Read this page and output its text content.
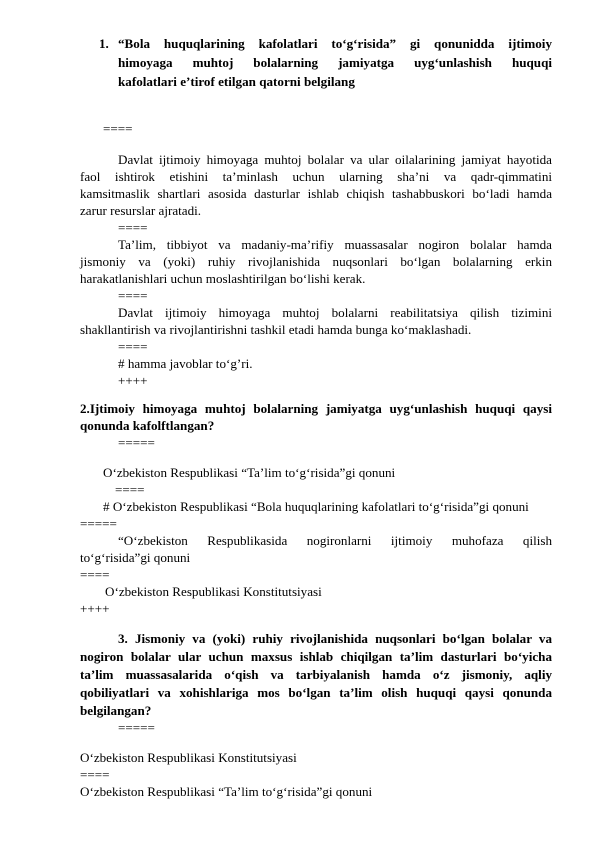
1. “Bola huquqlarining kafolatlari to‘g‘risida” gi qonunidda ijtimoiy
himoyaga muhtoj bolalarning jamiyatga uyg‘unlashish huquqi
kafolatlari e’tirof etilgan qatorni belgilang
====
Davlat ijtimoiy himoyaga muhtoj bolalar va ular oilalarining jamiyat hayotida
faol ishtirok etishini ta’minlash uchun ularning sha’ni va qadr-qimmatini
kamsitmaslik shartlari asosida dasturlar ishlab chiqish tashabbuskori bo‘ladi hamda
zarur resurslar ajratadi.
====
Ta’lim, tibbiyot va madaniy-ma’rifiy muassasalar nogiron bolalar hamda
jismoniy va (yoki) ruhiy rivojlanishida nuqsonlari bo‘lgan bolalarning erkin
harakatlanishlari uchun moslashtirilgan bo‘lishi kerak.
====
Davlat ijtimoiy himoyaga muhtoj bolalarni reabilitatsiya qilish tizimini
shakllantirish va rivojlantirishni tashkil etadi hamda bunga ko‘maklashadi.
====
# hamma javoblar to‘g’ri.
++++
2.Ijtimoiy himoyaga muhtoj bolalarning jamiyatga uyg‘unlashish huquqi qaysi
qonunda kafolftlangan?
=====
O‘zbekiston Respublikasi “Ta’lim to‘g‘risida”gi qonuni
====
# O‘zbekiston Respublikasi “Bola huquqlarining kafolatlari to‘g‘risida”gi qonuni
=====
“O‘zbekiston Respublikasida nogironlarni ijtimoiy muhofaza qilish
to‘g‘risida”gi qonuni
====
O‘zbekiston Respublikasi Konstitutsiyasi
++++
3. Jismoniy va (yoki) ruhiy rivojlanishida nuqsonlari bo‘lgan bolalar va
nogiron bolalar ular uchun maxsus ishlab chiqilgan ta’lim dasturlari bo‘yicha
ta’lim muassasalarida o‘qish va tarbiyalanish hamda o‘z jismoniy, aqliy
qobiliyatlari va xohishlariga mos bo‘lgan ta’lim olish huquqi qaysi qonunda
belgilangan?
=====
O‘zbekiston Respublikasi Konstitutsiyasi
====
O‘zbekiston Respublikasi “Ta’lim to‘g‘risida”gi qonuni
